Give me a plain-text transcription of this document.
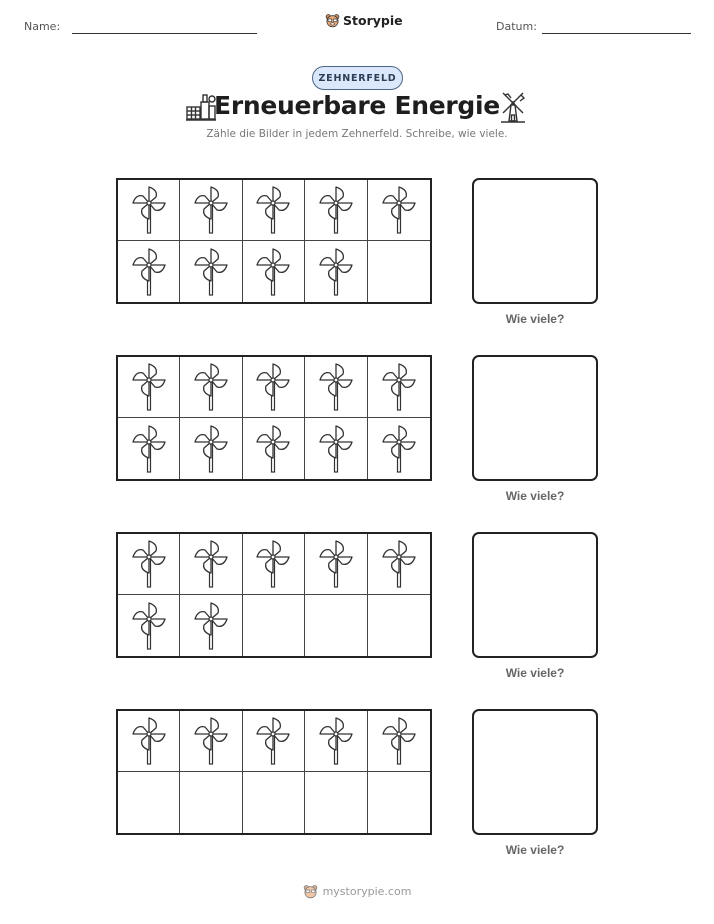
Name:	Storypie	Datum:
ZEHNERFELD
Erneuerbare Energie
Zähle die Bilder in jedem Zehnerfeld. Schreibe, wie viele.
Wie viele?
Wie viele?
Wie viele?
Wie viele?
mystorypie.com
